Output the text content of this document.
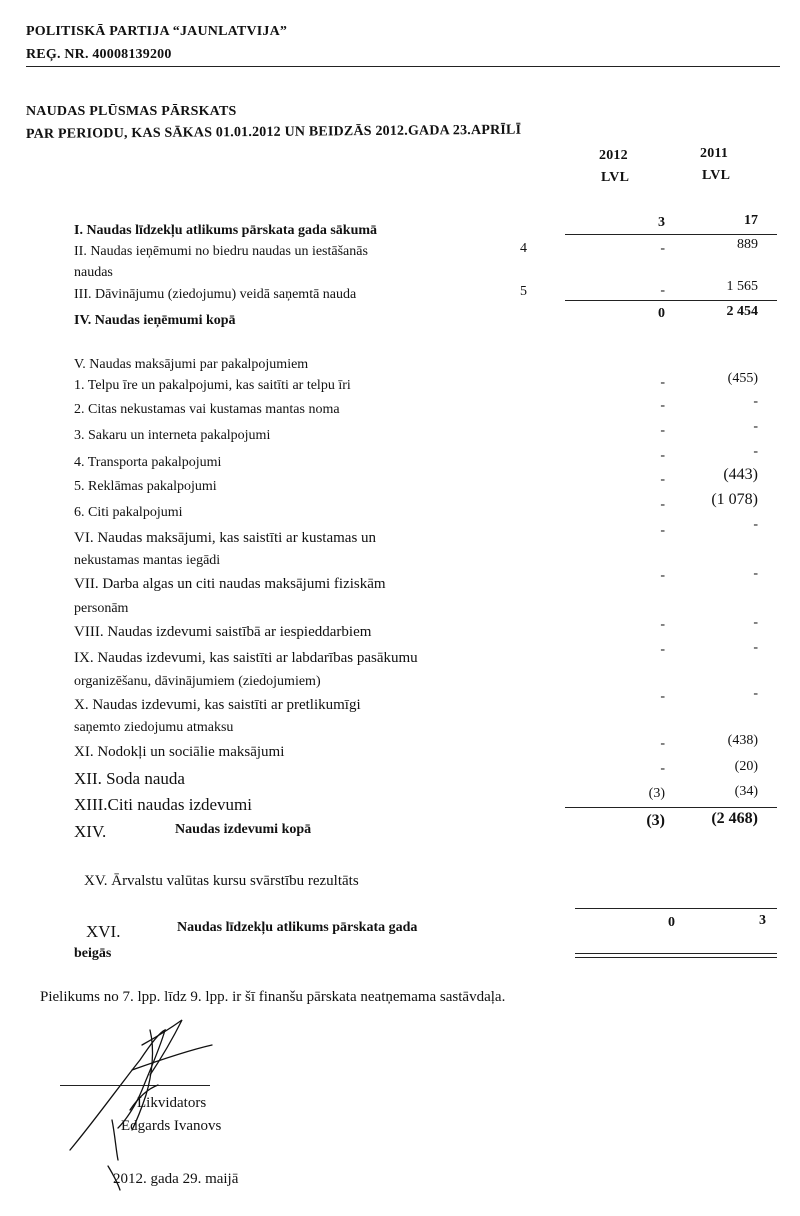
POLITISKĀ PARTIJA “JAUNLATVIJA”
REĢ. NR. 40008139200
NAUDAS PLŪSMAS PĀRSKATS
PAR PERIODU, KAS SĀKAS 01.01.2012 UN BEIDZĀS 2012.GADA 23.APRĪLĪ
2012	2011
LVL	LVL
I. Naudas līdzekļu atlikums pārskata gada sākumā
3	17
II. Naudas ieņēmumi no biedru naudas un iestāšanās
naudas
4	-	889
III. Dāvinājumu (ziedojumu) veidā saņemtā nauda	5	-	1 565
IV. Naudas ieņēmumi kopā	0	2 454
V. Naudas maksājumi par pakalpojumiem
1. Telpu īre un pakalpojumi, kas saitīti ar telpu īri	-	(455)
2. Citas nekustamas vai kustamas mantas noma	-	-
3. Sakaru un interneta pakalpojumi	-	-
4. Transporta pakalpojumi	-	-
5. Reklāmas pakalpojumi	-	(443)
6. Citi pakalpojumi
-	(1 078)
VI. Naudas maksājumi, kas saistīti ar kustamas un
nekustamas mantas iegādi
-	-
VII. Darba algas un citi naudas maksājumi fiziskām
personām
-	-
VIII. Naudas izdevumi saistībā ar iespieddarbiem	-	-
IX. Naudas izdevumi, kas saistīti ar labdarības pasākumu
organizēšanu, dāvinājumiem (ziedojumiem)
-	-
X. Naudas izdevumi, kas saistīti ar pretlikumīgi
saņemto ziedojumu atmaksu
-	-
XI. Nodokļi un sociālie maksājumi
-	(438)
XII. Soda nauda
-	(20)
XIII.Citi naudas izdevumi
(3)	(34)
XIV.	Naudas izdevumi kopā
(3)	(2 468)
XV. Ārvalstu valūtas kursu svārstību rezultāts
XVI.	Naudas līdzekļu atlikums pārskata gada
beigās
0	3
Pielikums no 7. lpp. līdz 9. lpp. ir šī finanšu pārskata neatņemama sastāvdaļa.
Likvidators
Edgards Ivanovs
2012. gada 29. maijā
